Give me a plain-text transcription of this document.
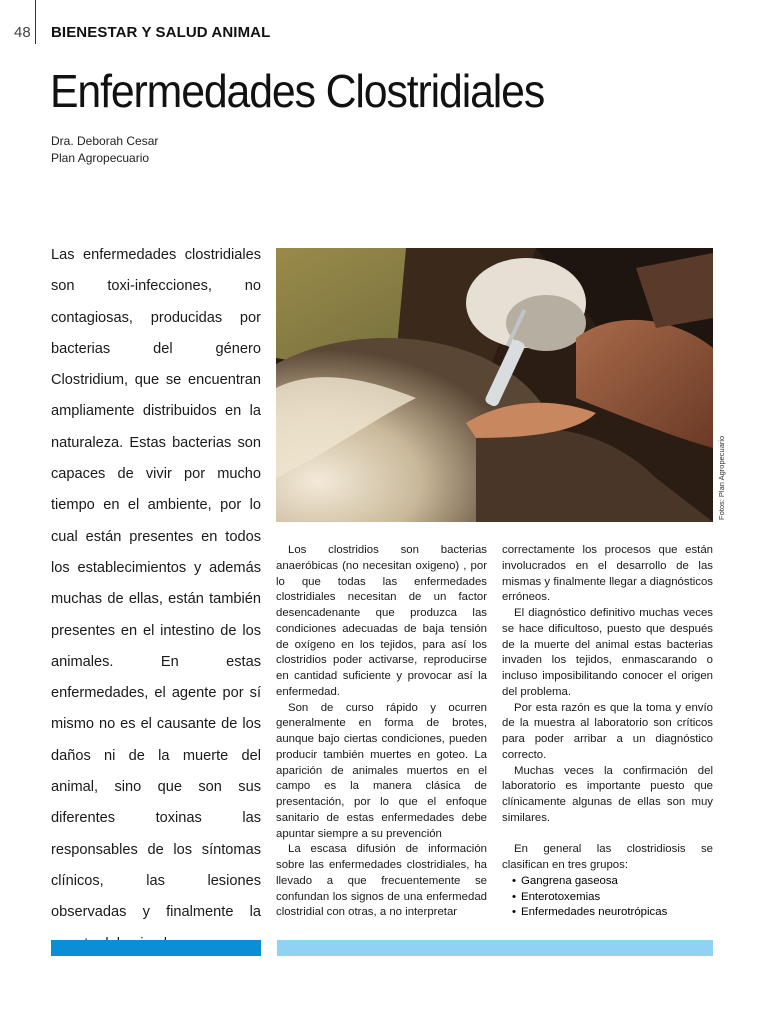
48 BIENESTAR Y SALUD ANIMAL
Enfermedades Clostridiales
Dra. Deborah Cesar
Plan Agropecuario
Las enfermedades clostridiales son toxi-infecciones, no contagiosas, producidas por bacterias del género Clostridium, que se encuentran ampliamente distribuidos en la naturaleza. Estas bacterias son capaces de vivir por mucho tiempo en el ambiente, por lo cual están presentes en todos los establecimientos y además muchas de ellas, están también presentes en el intestino de los animales. En estas enfermedades, el agente por sí mismo no es el causante de los daños ni de la muerte del animal, sino que son sus diferentes toxinas las responsables de los síntomas clínicos, las lesiones observadas y finalmente la
Fotos: Plan Agropecuario

Los clostridios son bacterias anaeróbicas (no necesitan oxigeno) , por lo que todas las enfermedades clostridiales necesitan de un factor desencadenante que produzca las condiciones adecuadas de baja tensión de oxígeno en los tejidos, para así los clostridios poder activarse, reproducirse en cantidad suficiente y provocar así la enfermedad.

Son de curso rápido y ocurren generalmente en forma de brotes, aunque bajo ciertas condiciones, pueden producir también muertes en goteo. La aparición de animales muertos en el campo es la manera clásica de presentación, por lo que el enfoque sanitario de estas enfermedades debe apuntar siempre a su prevención

La escasa difusión de información sobre las enfermedades clostridiales, ha llevado a que frecuentemente se confundan los signos de una enfermedad clostridial con otras, a no interpretar

correctamente los procesos que están involucrados en el desarrollo de las mismas y finalmente llegar a diagnósticos erróneos.

El diagnóstico definitivo muchas veces se hace dificultoso, puesto que después de la muerte del animal estas bacterias invaden los tejidos, enmascarando o incluso imposibilitando conocer el origen del problema.

Por esta razón es que la toma y envío de la muestra al laboratorio son críticos para poder arribar a un diagnóstico correcto.

Muchas veces la confirmación del laboratorio es importante puesto que clínicamente algunas de ellas son muy similares.

En general las clostridiosis se clasifican en tres grupos:

• Gangrena gaseosa
• Enterotoxemias
• Enfermedades neurotrópicas
